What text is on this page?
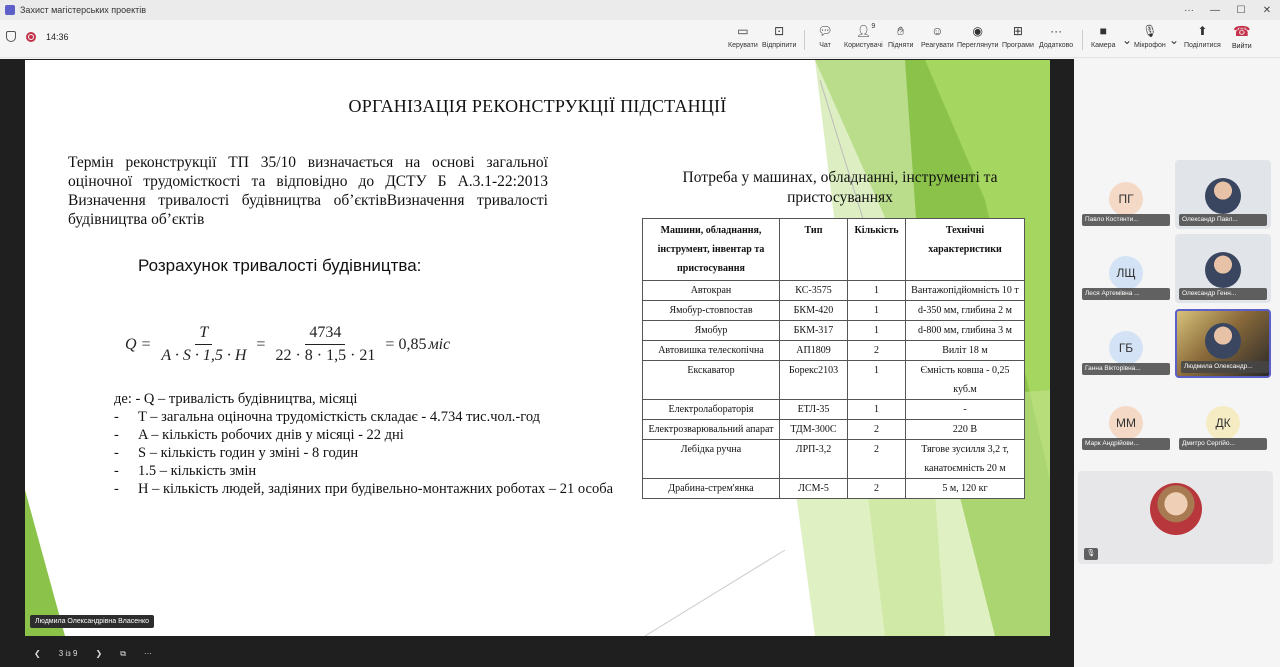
Захист магістерських проектів	···	—	☐	✕
14:36	▭
Керувати
⊡
Відпріпити
💬︎
Чат
👤︎ 9
Користувачі
✋︎
Підняти
☺
Реагувати
◉
Переглянути
⊞
Програми
···
Додатково
■
Камера ⌄
🎙︎
Мікрофон ⌄
⬆
Поділитися
☎
Вийти
ОРГАНІЗАЦІЯ РЕКОНСТРУКЦІЇ ПІДСТАНЦІЇ
Термін реконструкції ТП 35/10 визначається на основі загальної оціночної трудомісткості та відповідно до ДСТУ Б А.3.1-22:2013 Визначення тривалості будівництва об’єктівВизначення тривалості будівництва об’єктів
Розрахунок тривалості будівництва:
$Q = \frac{T}{A \cdot S \cdot 1,5 \cdot H} = \frac{4734}{22 \cdot 8 \cdot 1,5 \cdot 21} = 0,85$ міс
де: - Q – тривалість будівництва, місяці
-	T – загальна оціночна трудомісткість складає - 4.734 тис.чол.-год
-	A – кількість робочих днів у місяці - 22 дні
-	S – кількість годин у зміні - 8 годин
-	1.5 – кількість змін
-	H – кількість людей, задіяних при будівельно-монтажних роботах – 21 особа
Потреба у машинах, обладнанні, інструменті та пристосуваннях
Машини, обладнання, інструмент, інвентар та пристосування	Тип	Кількість	Технічні характеристики
Автокран	КС-3575	1	Вантажопідйомність 10 т
Ямобур-стовпостав	БКМ-420	1	d-350 мм, глибина 2 м
Ямобур	БКМ-317	1	d-800 мм, глибина 3 м
Автовишка телескопічна	АП1809	2	Виліт 18 м
Екскаватор	Борекс2103	1	Ємність ковша - 0,25 куб.м
Електролабораторія	ЕТЛ-35	1	-
Електрозварювальний апарат	ТДМ-300С	2	220 В
Лебідка ручна	ЛРП-3,2	2	Тягове зусилля 3,2 т, канатоємність 20 м
Драбина-стрем'янка	ЛСМ-5	2	5 м, 120 кг
Людмила Олександрівна Власенко
❮ 3 із 9 ❯ ⧉ ···
ПГ
Павло Костянти...	Олександр Павл...
ЛЩ
Леся Артемівна ...	Олександр Генн...
ГБ
Ганна Вікторівна...	Людмила Олександр...
ММ
Марк Андрійови...
ДК
Дмитро Сергійо...
🎙︎
